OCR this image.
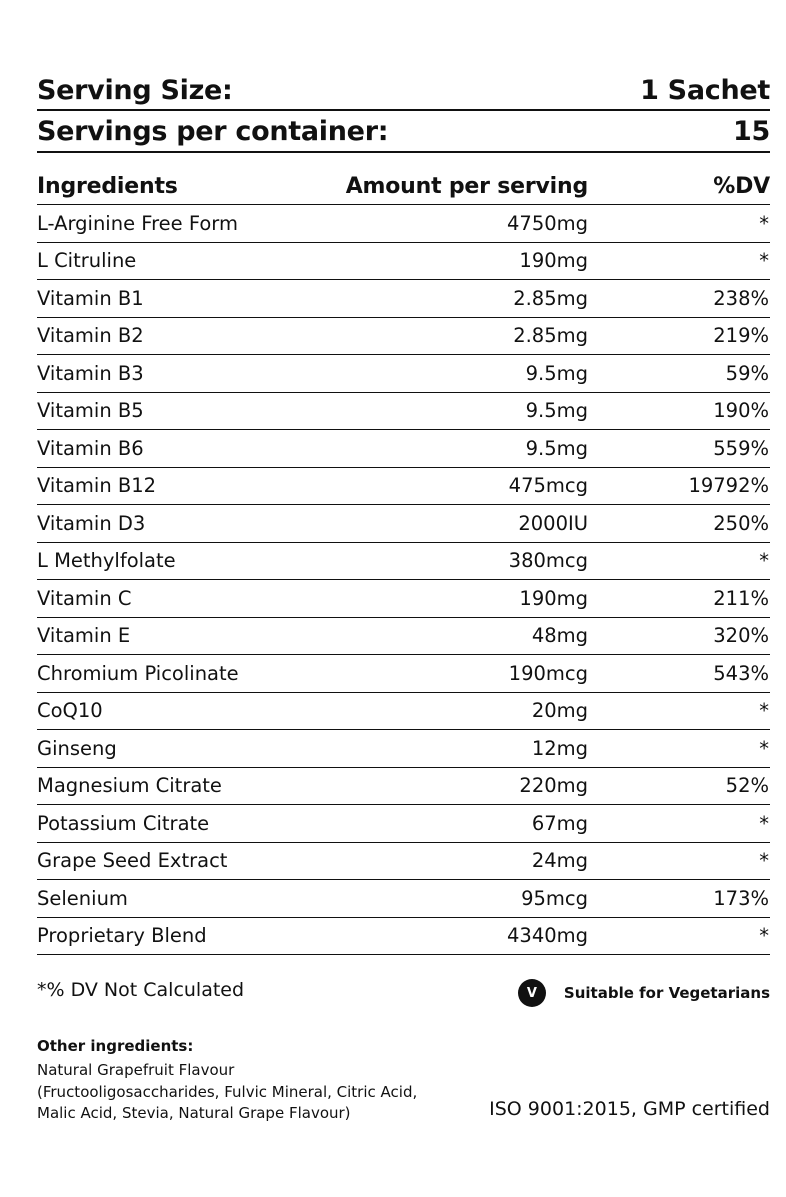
Serving Size:	1 Sachet
Servings per container:	15
Ingredients	Amount per serving	%DV
L-Arginine Free Form	4750mg	*
L Citruline	190mg	*
Vitamin B1	2.85mg	238%
Vitamin B2	2.85mg	219%
Vitamin B3	9.5mg	59%
Vitamin B5	9.5mg	190%
Vitamin B6	9.5mg	559%
Vitamin B12	475mcg	19792%
Vitamin D3	2000IU	250%
L Methylfolate	380mcg	*
Vitamin C	190mg	211%
Vitamin E	48mg	320%
Chromium Picolinate	190mcg	543%
CoQ10	20mg	*
Ginseng	12mg	*
Magnesium Citrate	220mg	52%
Potassium Citrate	67mg	*
Grape Seed Extract	24mg	*
Selenium	95mcg	173%
Proprietary Blend	4340mg	*
*% DV Not Calculated	V	Suitable for Vegetarians
Other ingredients:
Natural Grapefruit Flavour
(Fructooligosaccharides, Fulvic Mineral, Citric Acid,
Malic Acid, Stevia, Natural Grape Flavour)	ISO 9001:2015, GMP certified
